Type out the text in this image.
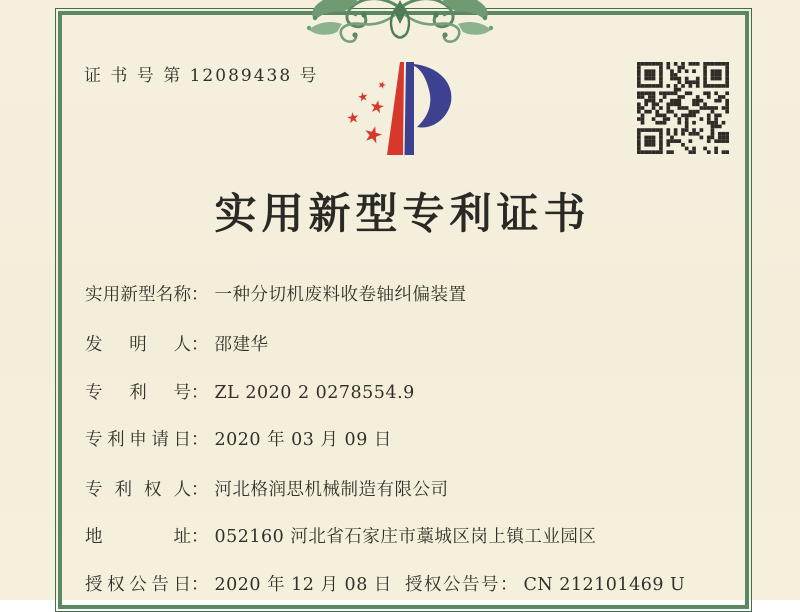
证 书 号 第 12089438 号
实用新型专利证书
实用新型名称： 一种分切机废料收卷轴纠偏装置
发明人： 邵建华
专利号： ZL 2020 2 0278554.9
专利申请日： 2020 年 03 月 09 日
专利权人： 河北格润思机械制造有限公司
地址： 052160 河北省石家庄市藁城区岗上镇工业园区
授权公告日： 2020 年 12 月 08 日 授权公告号： CN 212101469 U
